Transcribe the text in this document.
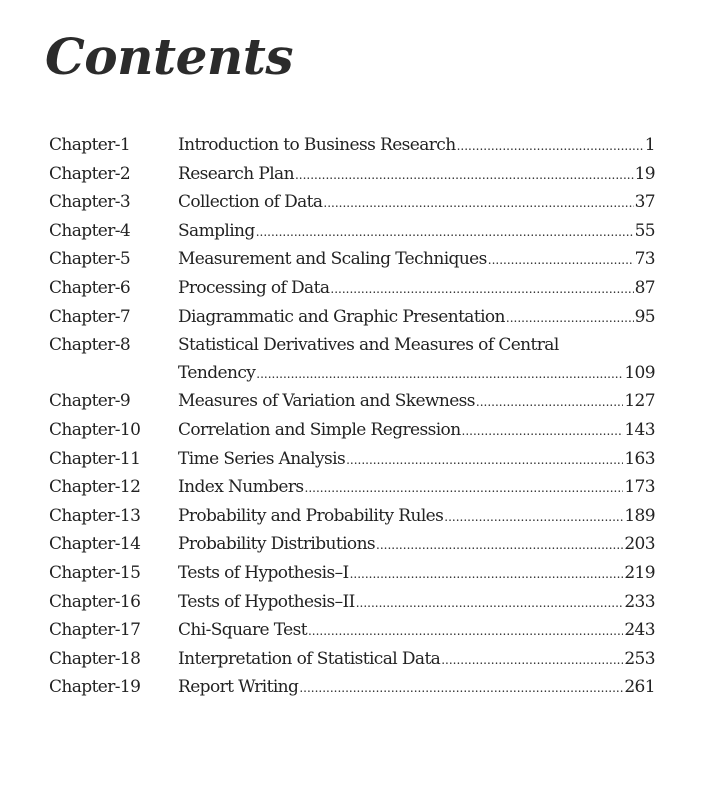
Contents
Chapter-1	Introduction to Business Research .....	1
Chapter-2	Research Plan .....	19
Chapter-3	Collection of Data .....	37
Chapter-4	Sampling .....	55
Chapter-5	Measurement and Scaling Techniques .....	73
Chapter-6	Processing of Data .....	87
Chapter-7	Diagrammatic and Graphic Presentation .....	95
Chapter-8	Statistical Derivatives and Measures of Central
Tendency .....	109
Chapter-9	Measures of Variation and Skewness .....	127
Chapter-10	Correlation and Simple Regression .....	143
Chapter-11	Time Series Analysis .....	163
Chapter-12	Index Numbers .....	173
Chapter-13	Probability and Probability Rules .....	189
Chapter-14	Probability Distributions .....	203
Chapter-15	Tests of Hypothesis–I .....	219
Chapter-16	Tests of Hypothesis–II .....	233
Chapter-17	Chi-Square Test .....	243
Chapter-18	Interpretation of Statistical Data .....	253
Chapter-19	Report Writing .....	261
